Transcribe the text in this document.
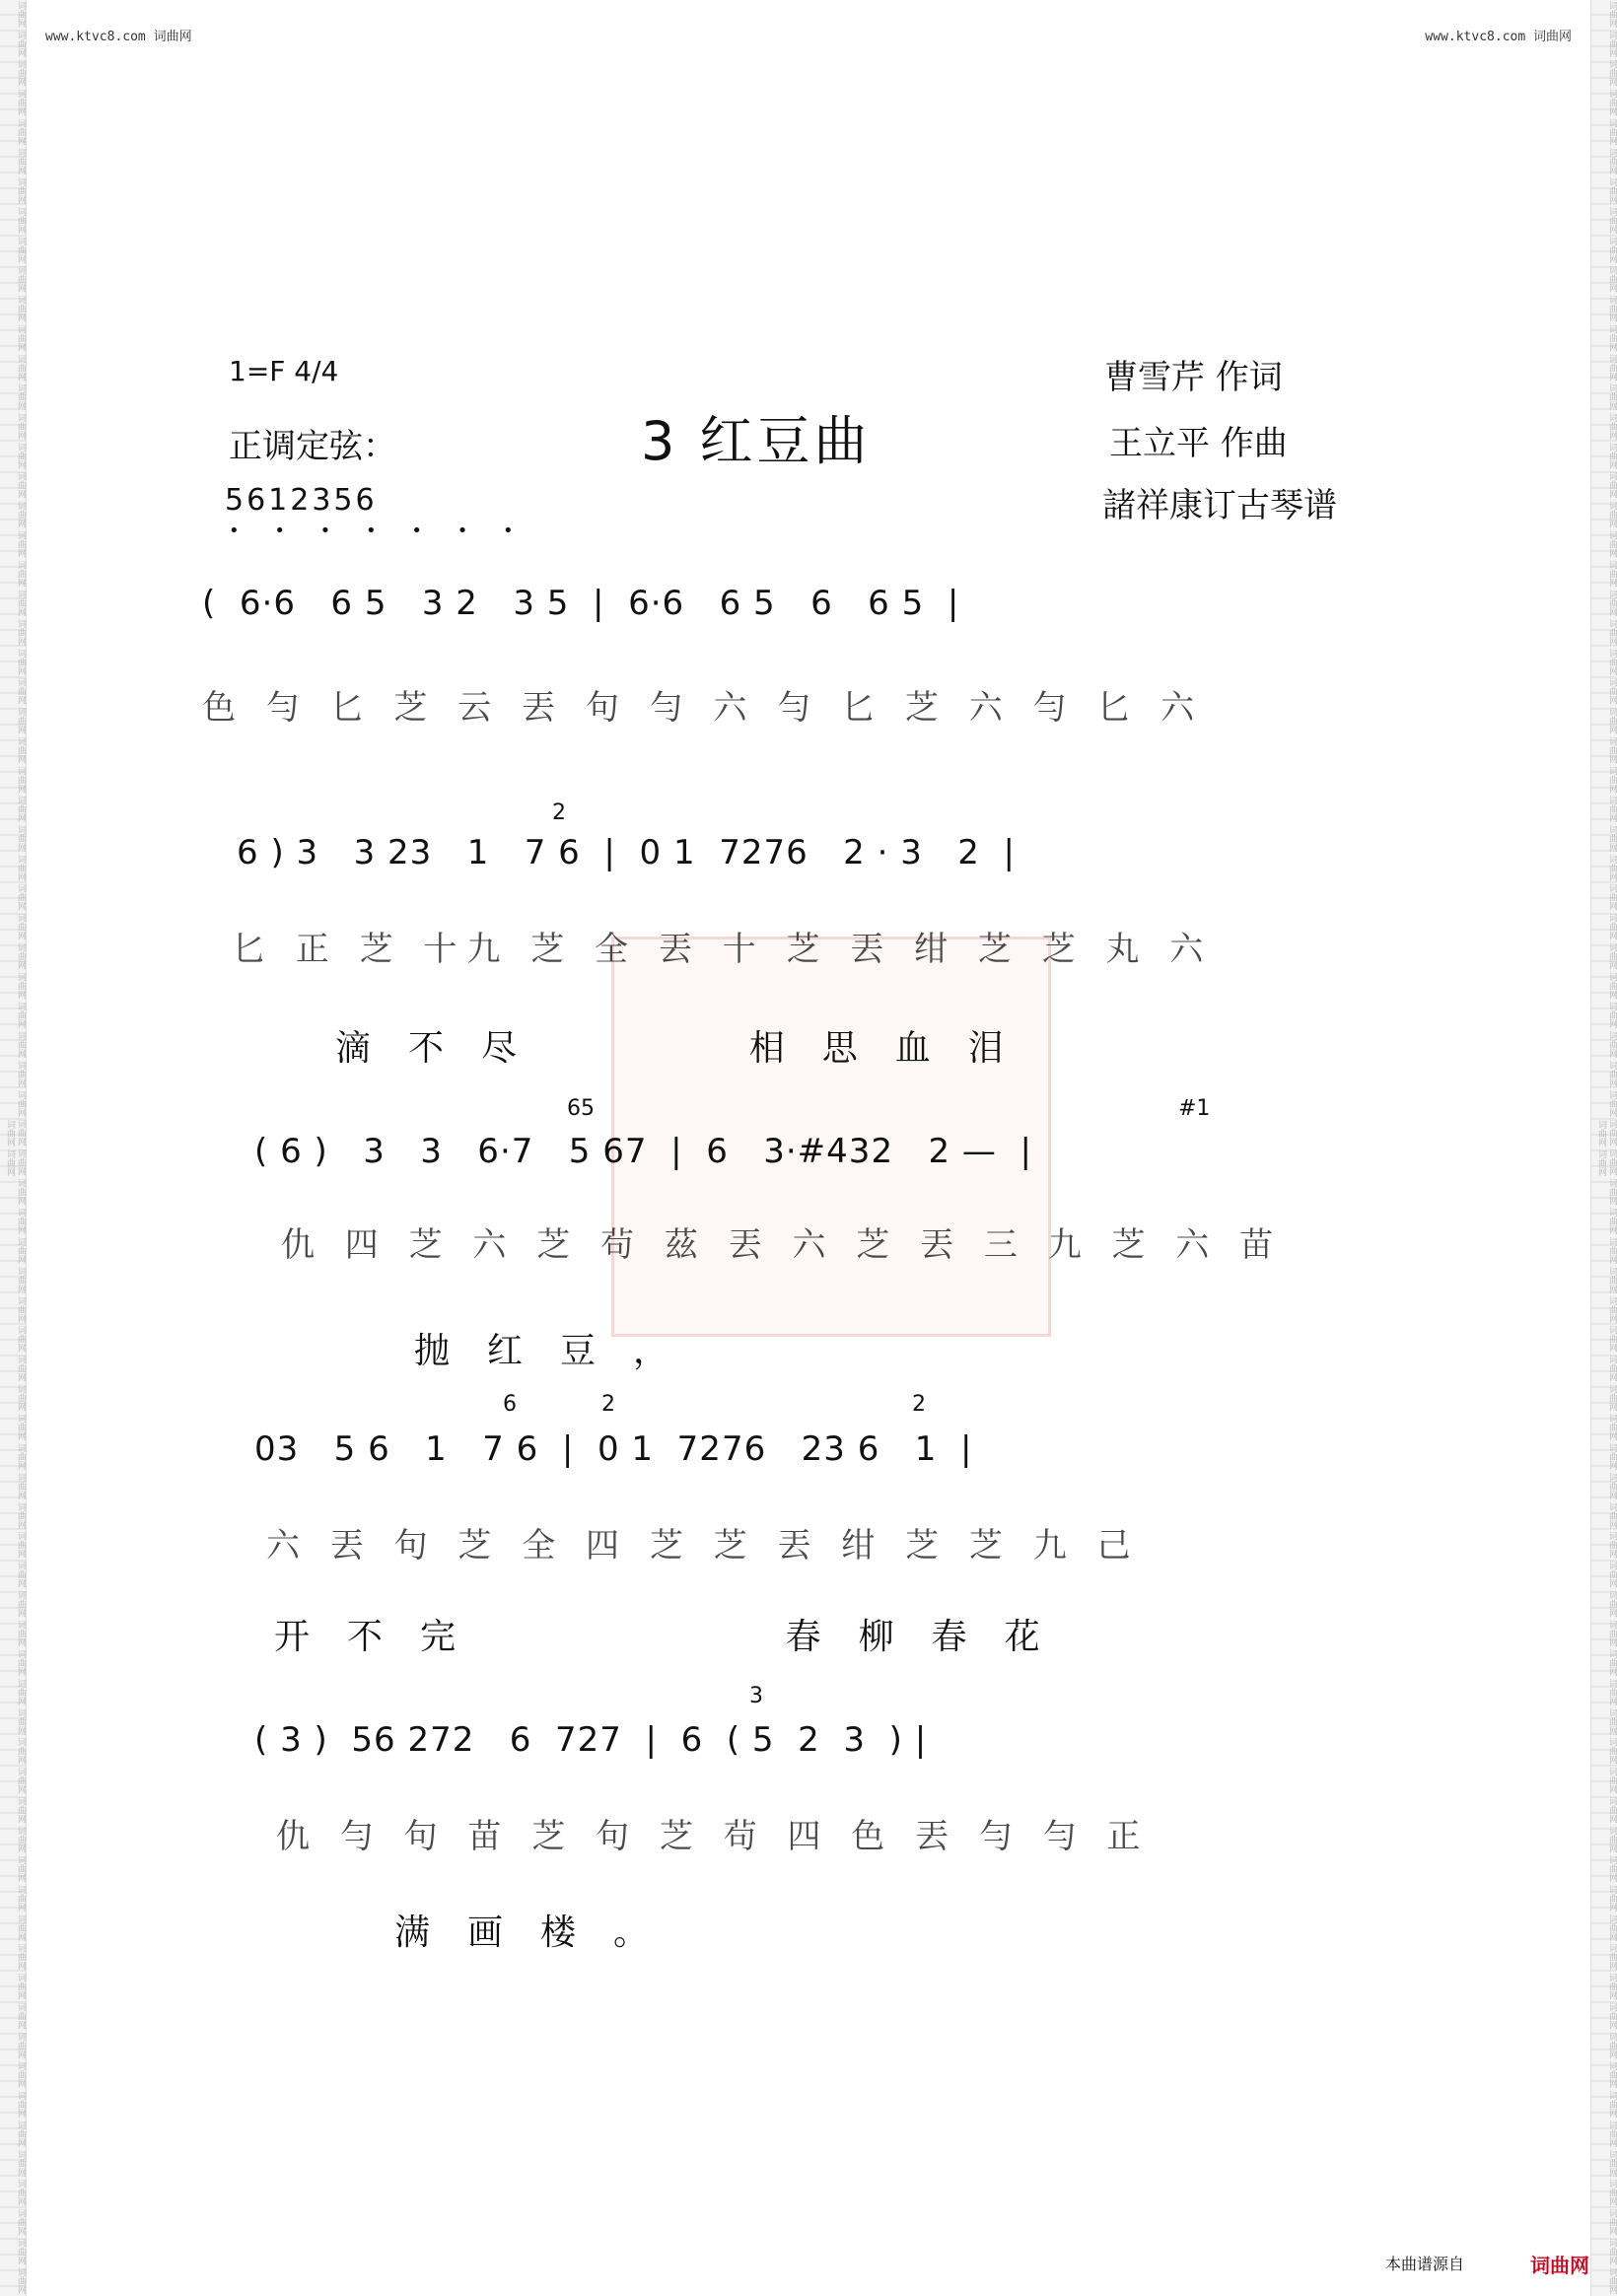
词曲网 词曲网 词曲网 词曲网 词曲网 词曲网 词曲网 词曲网 词曲网 词曲网 词曲网 词曲网 词曲网 词曲网 词曲网 词曲网 词曲网 词曲网 词曲网 词曲网 词曲网 词曲网 词曲网 词曲网 词曲网 词曲网 词曲网 词曲网 词曲网 词曲网 词曲网 词曲网 词曲网 词曲网 词曲网 词曲网 词曲网 词曲网 词曲网 词曲网 词曲网 词曲网 词曲网 词曲网 词曲网 词曲网 词曲网 词曲网 词曲网 词曲网 词曲网 词曲网 词曲网 词曲网 词曲网 词曲网 词曲网 词曲网 词曲网 词曲网 词曲网 词曲网 词曲网 词曲网 词曲网 词曲网 词曲网 词曲网 词曲网 词曲网 词曲网 词曲网 词曲网 词曲网 词曲网 词曲网 词曲网 词曲网 词曲网 词曲网	词曲网 词曲网 词曲网 词曲网 词曲网 词曲网 词曲网 词曲网 词曲网 词曲网 词曲网 词曲网 词曲网 词曲网 词曲网 词曲网 词曲网 词曲网 词曲网 词曲网 词曲网 词曲网 词曲网 词曲网 词曲网 词曲网 词曲网 词曲网 词曲网 词曲网 词曲网 词曲网 词曲网 词曲网 词曲网 词曲网 词曲网 词曲网 词曲网 词曲网 词曲网 词曲网 词曲网 词曲网 词曲网 词曲网 词曲网 词曲网 词曲网 词曲网 词曲网 词曲网 词曲网 词曲网 词曲网 词曲网 词曲网 词曲网 词曲网 词曲网 词曲网 词曲网 词曲网 词曲网 词曲网 词曲网 词曲网 词曲网 词曲网 词曲网 词曲网 词曲网 词曲网 词曲网 词曲网 词曲网 词曲网 词曲网 词曲网 词曲网
www.ktvc8.com 词曲网	www.ktvc8.com 词曲网
1=F 4/4
正调定弦：
5612356
• • • • • • •
3 红豆曲
曹雪芹 作词
王立平 作曲
諸祥康订古琴谱
(  6·6   6 5   3 2   3 5  |  6·6   6 5   6   6 5  |
色 勻 匕 芝 云 丟 句 勻 六 勻 匕 芝 六 勻 匕 六
2
6 ) 3   3 23   1   7 6  |  0 1  7276   2 · 3   2  |
匕 正 芝 十九 芝 全 丟 十 芝 丟 绀 芝 芝 丸 六
滴不尽    相思血泪
65	#1
( 6 )   3   3   6·7   5 67  |  6   3·#432   2 —  |
仇 四 芝 六 芝 茍 茲 丟 六 芝 丟 三 九 芝 六 苗
抛红豆，
6	2	2
03   5 6   1   7 6  |  0 1  7276   23 6   1  |
六 丟 句 芝 全 四 芝 芝 丟 绀 芝 芝 九 己
开不完      春柳春花
3
( 3 )  56 272   6  727  |  6  ( 5  2  3  ) |
仇 勻 句 苗 芝 句 芝 茍 四 色 丟 勻 勻 正
满画楼。
本曲谱源自	词曲网
